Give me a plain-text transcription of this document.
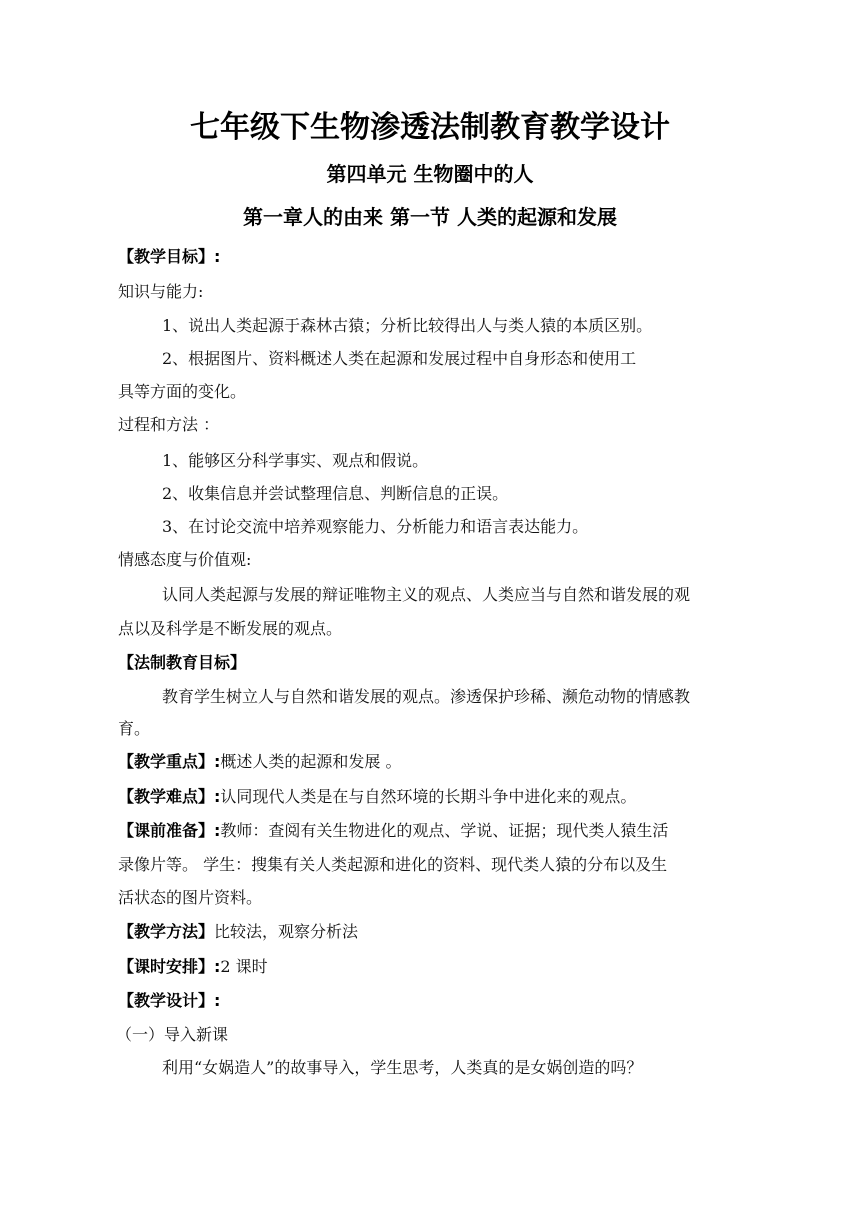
七年级下生物渗透法制教育教学设计
第四单元 生物圈中的人
第一章人的由来 第一节 人类的起源和发展
【教学目标】:
知识与能力:
1、说出人类起源于森林古猿；分析比较得出人与类人猿的本质区别。
2、根据图片、资料概述人类在起源和发展过程中自身形态和使用工
具等方面的变化。
过程和方法 ：
1、能够区分科学事实、观点和假说。
2、收集信息并尝试整理信息、判断信息的正误。
3、在讨论交流中培养观察能力、分析能力和语言表达能力。
情感态度与价值观:
认同人类起源与发展的辩证唯物主义的观点、人类应当与自然和谐发展的观
点以及科学是不断发展的观点。
【法制教育目标】
教育学生树立人与自然和谐发展的观点。渗透保护珍稀、濒危动物的情感教
育。
【教学重点】:概述人类的起源和发展 。
【教学难点】:认同现代人类是在与自然环境的长期斗争中进化来的观点。
【课前准备】:教师：查阅有关生物进化的观点、学说、证据；现代类人猿生活
录像片等。 学生：搜集有关人类起源和进化的资料、现代类人猿的分布以及生
活状态的图片资料。
【教学方法】比较法，观察分析法
【课时安排】:2 课时
【教学设计】:
（一）导入新课
利用“女娲造人”的故事导入，学生思考，人类真的是女娲创造的吗？
